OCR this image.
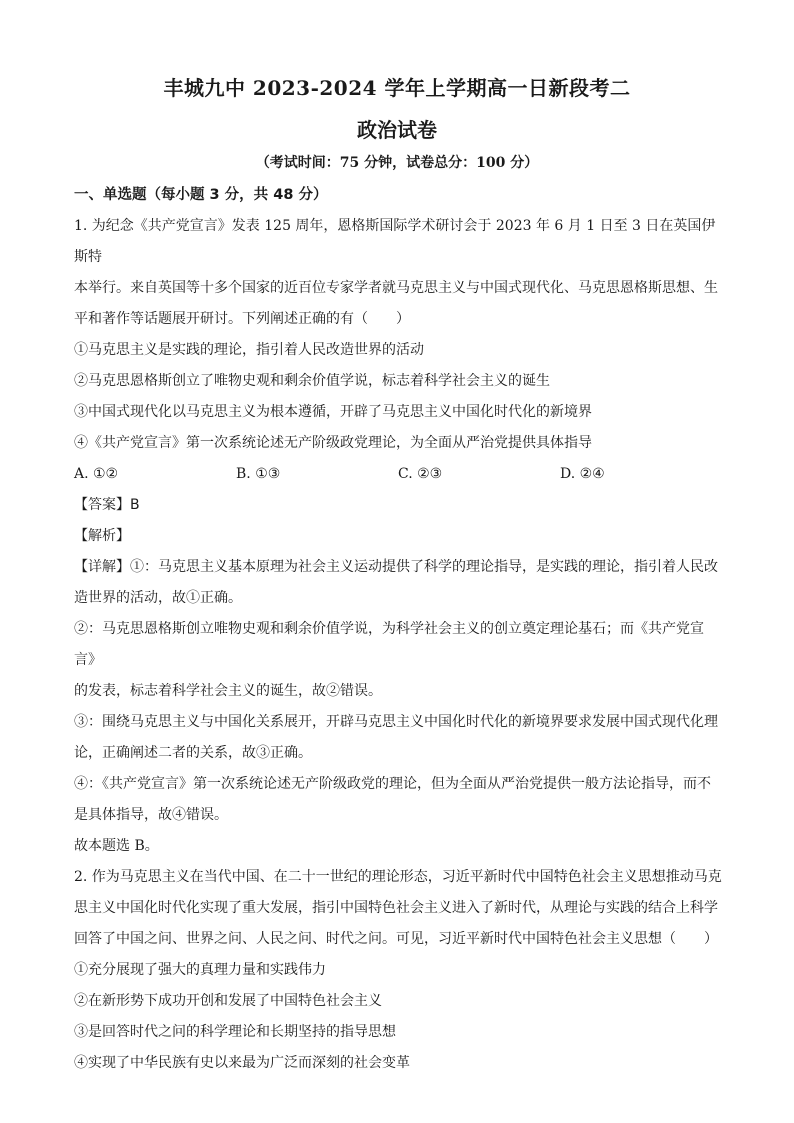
丰城九中 2023-2024 学年上学期高一日新段考二
政治试卷
（考试时间：75 分钟，试卷总分：100 分）

一、单选题（每小题 3 分，共 48 分）

1. 为纪念《共产党宣言》发表 125 周年，恩格斯国际学术研讨会于 2023 年 6 月 1 日至 3 日在英国伊斯特

本举行。来自英国等十多个国家的近百位专家学者就马克思主义与中国式现代化、马克思恩格斯思想、生

平和著作等话题展开研讨。下列阐述正确的有（　　）

①马克思主义是实践的理论，指引着人民改造世界的活动

②马克思恩格斯创立了唯物史观和剩余价值学说，标志着科学社会主义的诞生

③中国式现代化以马克思主义为根本遵循，开辟了马克思主义中国化时代化的新境界

④《共产党宣言》第一次系统论述无产阶级政党理论，为全面从严治党提供具体指导

A. ①②	B. ①③	C. ②③	D. ②④

【答案】B

【解析】

【详解】①：马克思主义基本原理为社会主义运动提供了科学的理论指导，是实践的理论，指引着人民改

造世界的活动，故①正确。

②：马克思恩格斯创立唯物史观和剩余价值学说，为科学社会主义的创立奠定理论基石；而《共产党宣言》

的发表，标志着科学社会主义的诞生，故②错误。

③：围绕马克思主义与中国化关系展开，开辟马克思主义中国化时代化的新境界要求发展中国式现代化理

论，正确阐述二者的关系，故③正确。

④：《共产党宣言》第一次系统论述无产阶级政党的理论，但为全面从严治党提供一般方法论指导，而不

是具体指导，故④错误。

故本题选 B。

2. 作为马克思主义在当代中国、在二十一世纪的理论形态，习近平新时代中国特色社会主义思想推动马克

思主义中国化时代化实现了重大发展，指引中国特色社会主义进入了新时代，从理论与实践的结合上科学

回答了中国之问、世界之问、人民之问、时代之问。可见，习近平新时代中国特色社会主义思想（　　）

①充分展现了强大的真理力量和实践伟力

②在新形势下成功开创和发展了中国特色社会主义

③是回答时代之问的科学理论和长期坚持的指导思想

④实现了中华民族有史以来最为广泛而深刻的社会变革
